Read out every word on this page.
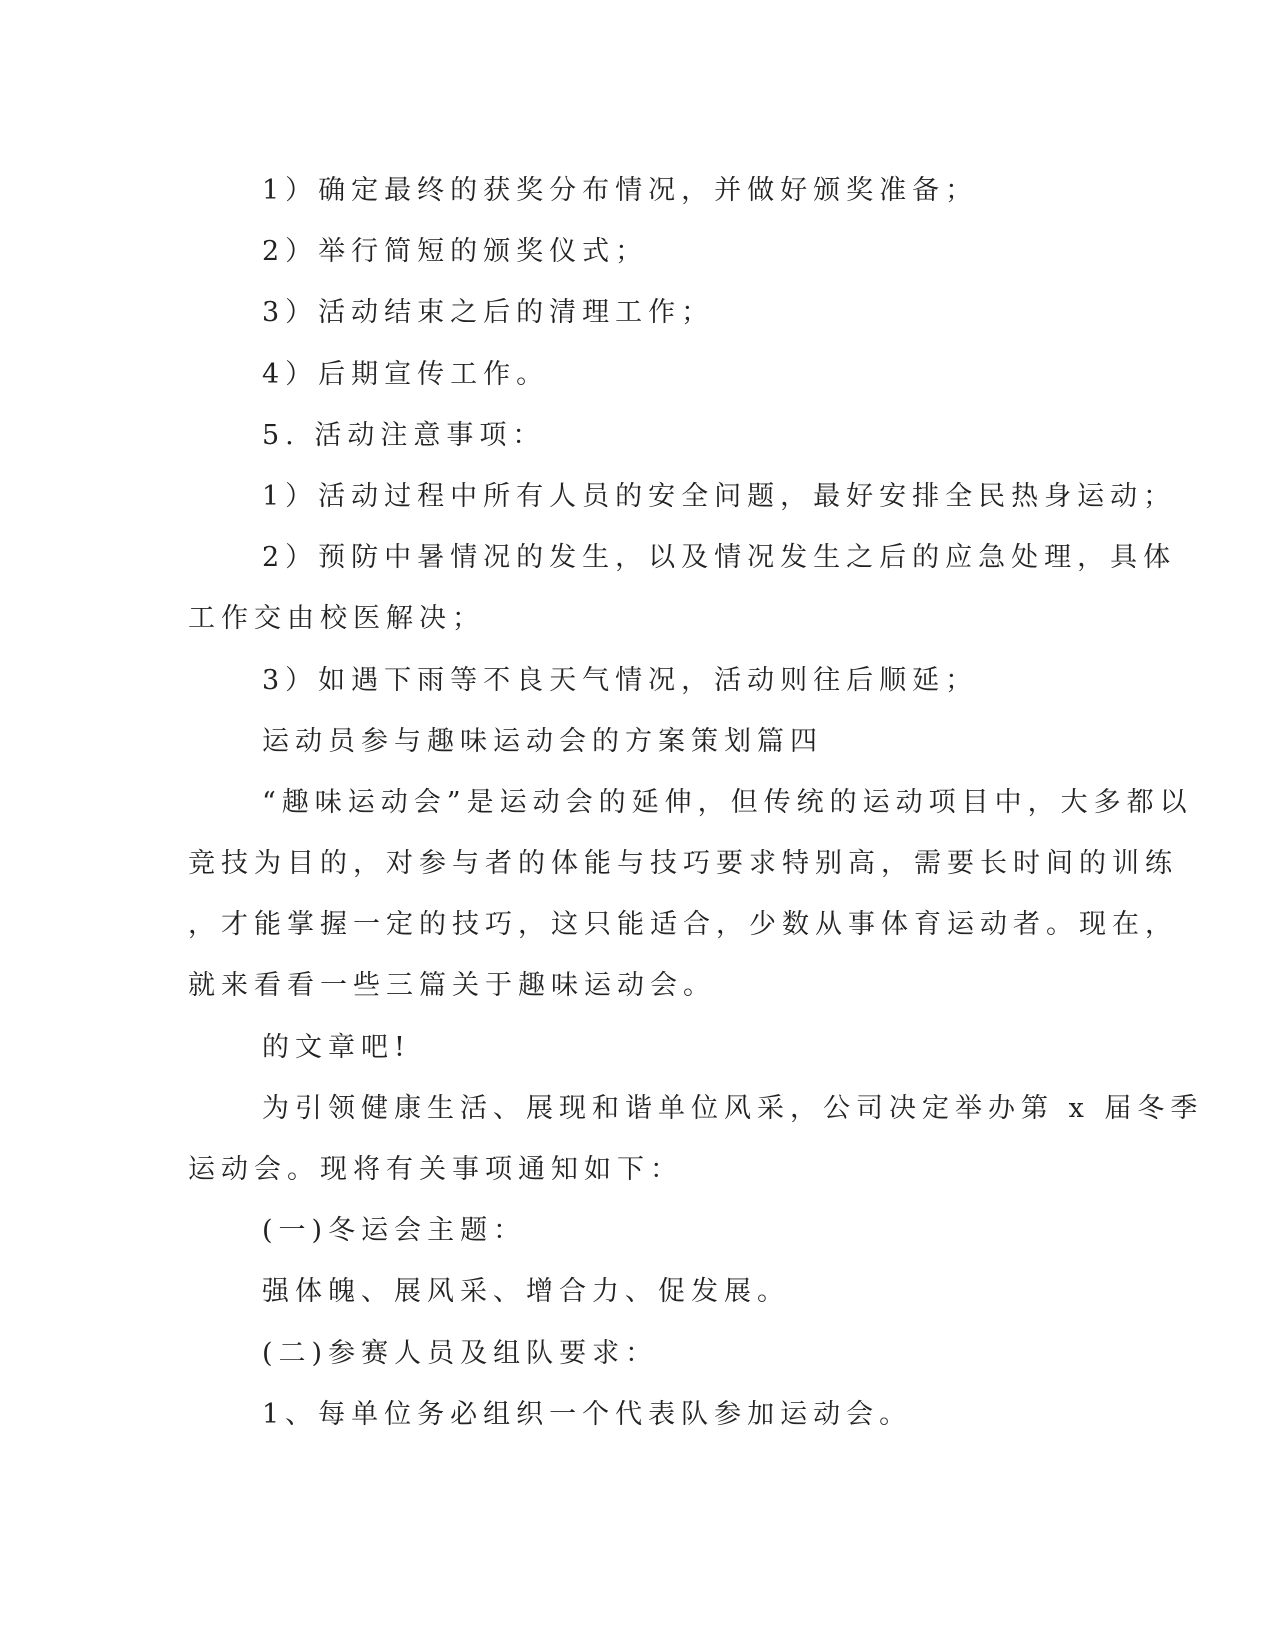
1）确定最终的获奖分布情况，并做好颁奖准备；
2）举行简短的颁奖仪式；
3）活动结束之后的清理工作；
4）后期宣传工作。
5. 活动注意事项：
1）活动过程中所有人员的安全问题，最好安排全民热身运动；
2）预防中暑情况的发生，以及情况发生之后的应急处理，具体
工作交由校医解决；
3）如遇下雨等不良天气情况，活动则往后顺延；
运动员参与趣味运动会的方案策划篇四
“趣味运动会”是运动会的延伸，但传统的运动项目中，大多都以
竞技为目的，对参与者的体能与技巧要求特别高，需要长时间的训练
，才能掌握一定的技巧，这只能适合，少数从事体育运动者。现在，
就来看看一些三篇关于趣味运动会。
的文章吧!
为引领健康生活、展现和谐单位风采，公司决定举办第 x 届冬季
运动会。现将有关事项通知如下：
(一)冬运会主题：
强体魄、展风采、增合力、促发展。
(二)参赛人员及组队要求：
1、每单位务必组织一个代表队参加运动会。
